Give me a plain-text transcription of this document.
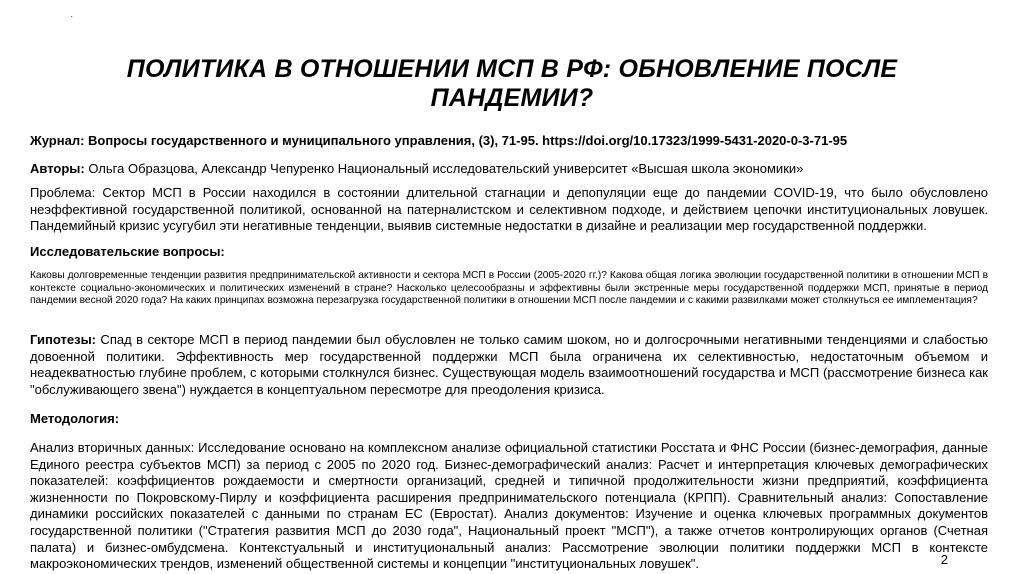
·
ПОЛИТИКА В ОТНОШЕНИИ МСП В РФ: ОБНОВЛЕНИЕ ПОСЛЕ ПАНДЕМИИ?

Журнал: Вопросы государственного и муниципального управления, (3), 71-95. https://doi.org/10.17323/1999-5431-2020-0-3-71-95

Авторы: Ольга Образцова, Александр Чепуренко Национальный исследовательский университет «Высшая школа экономики»

Проблема: Сектор МСП в России находился в состоянии длительной стагнации и депопуляции еще до пандемии COVID-19, что было обусловлено неэффективной государственной политикой, основанной на патерналистском и селективном подходе, и действием цепочки институциональных ловушек. Пандемийный кризис усугубил эти негативные тенденции, выявив системные недостатки в дизайне и реализации мер государственной поддержки.

Исследовательские вопросы:

Каковы долговременные тенденции развития предпринимательской активности и сектора МСП в России (2005-2020 гг.)? Какова общая логика эволюции государственной политики в отношении МСП в контексте социально-экономических и политических изменений в стране? Насколько целесообразны и эффективны были экстренные меры государственной поддержки МСП, принятые в период пандемии весной 2020 года? На каких принципах возможна перезагрузка государственной политики в отношении МСП после пандемии и с какими развилками может столкнуться ее имплементация?

Гипотезы: Спад в секторе МСП в период пандемии был обусловлен не только самим шоком, но и долгосрочными негативными тенденциями и слабостью довоенной политики. Эффективность мер государственной поддержки МСП была ограничена их селективностью, недостаточным объемом и неадекватностью глубине проблем, с которыми столкнулся бизнес. Существующая модель взаимоотношений государства и МСП (рассмотрение бизнеса как "обслуживающего звена") нуждается в концептуальном пересмотре для преодоления кризиса.

Методология:

Анализ вторичных данных: Исследование основано на комплексном анализе официальной статистики Росстата и ФНС России (бизнес-демография, данные Единого реестра субъектов МСП) за период с 2005 по 2020 год. Бизнес-демографический анализ: Расчет и интерпретация ключевых демографических показателей: коэффициентов рождаемости и смертности организаций, средней и типичной продолжительности жизни предприятий, коэффициента жизненности по Покровскому-Пирлу и коэффициента расширения предпринимательского потенциала (КРПП). Сравнительный анализ: Сопоставление динамики российских показателей с данными по странам ЕС (Евростат). Анализ документов: Изучение и оценка ключевых программных документов государственной политики ("Стратегия развития МСП до 2030 года", Национальный проект "МСП"), а также отчетов контролирующих органов (Счетная палата) и бизнес-омбудсмена. Контекстуальный и институциональный анализ: Рассмотрение эволюции политики поддержки МСП в контексте макроэкономических трендов, изменений общественной системы и концепции "институциональных ловушек".	2
